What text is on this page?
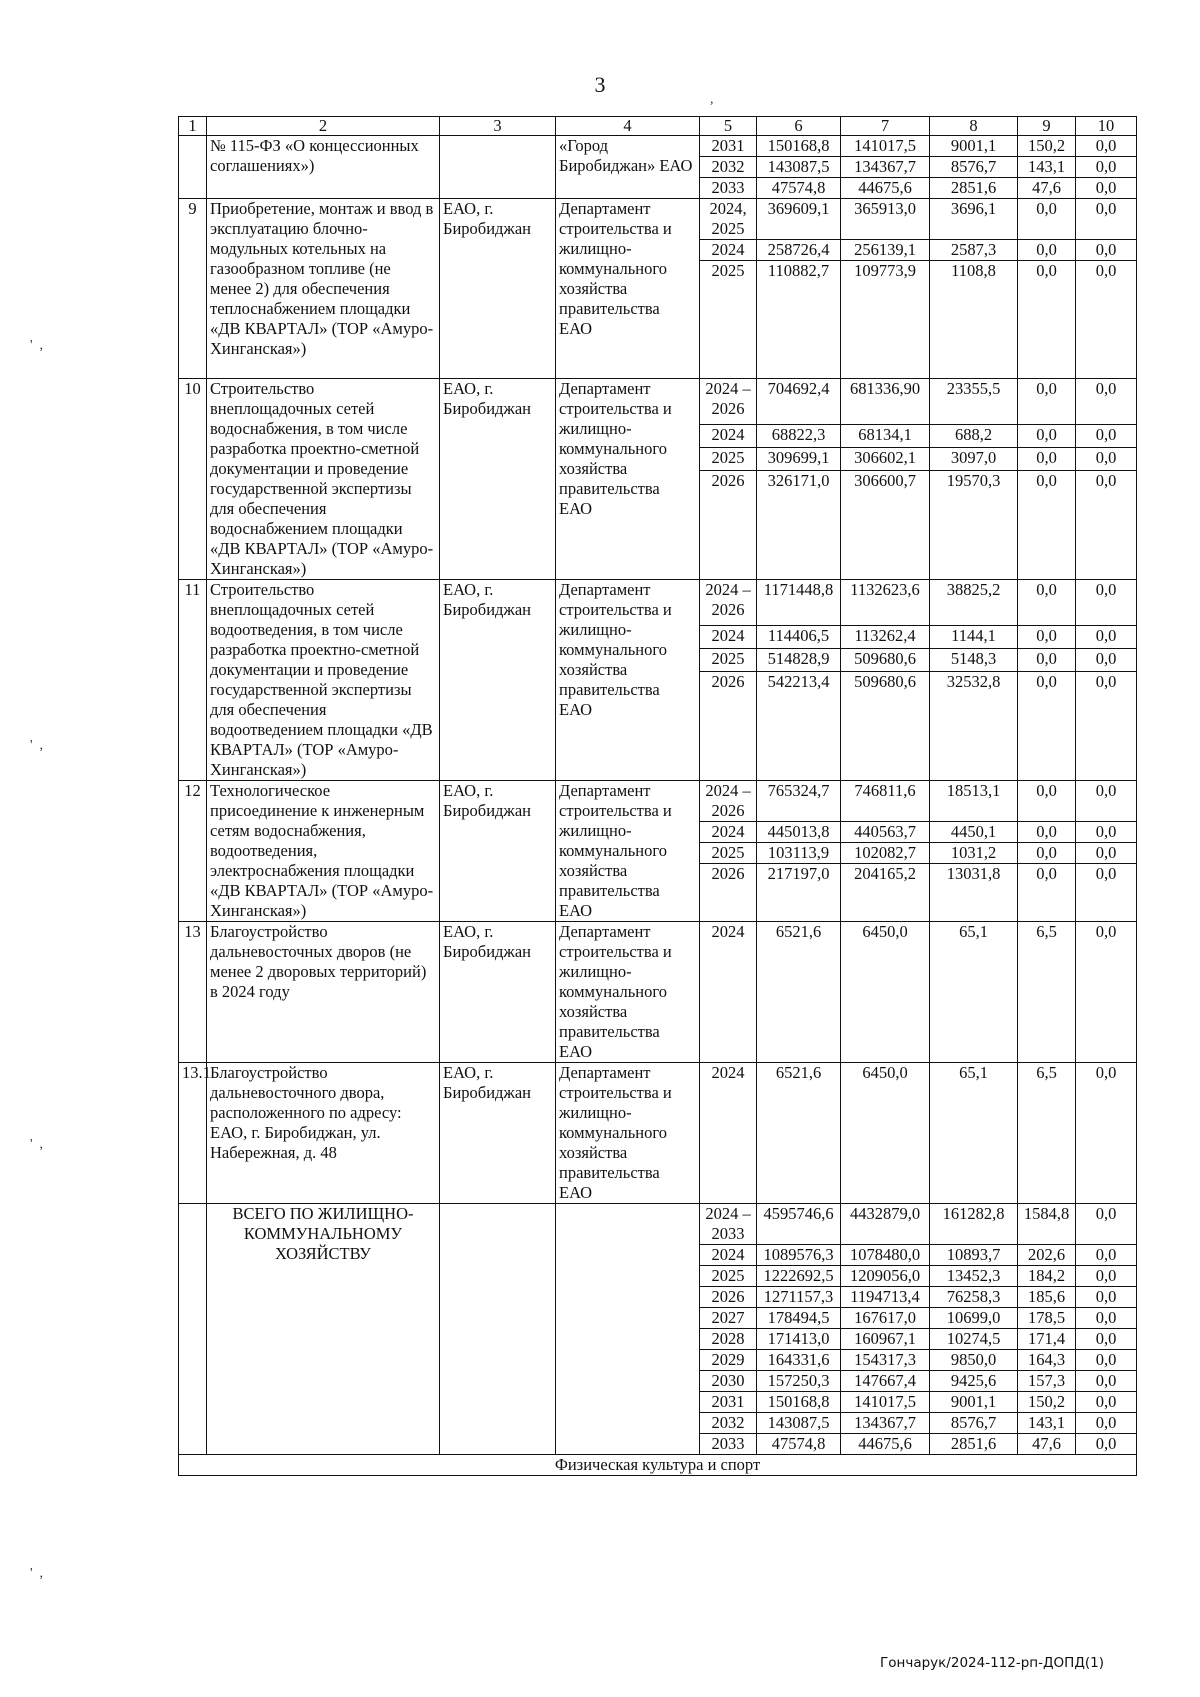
3
'  ,
'  ,
'  ,
'  ,
,
1	2	3	4	5	6	7	8	9	10
	№ 115-ФЗ «О концессионных соглашениях»)		«Город Биробиджан» ЕАО	2031	150168,8	141017,5	9001,1	150,2	0,0
				2032	143087,5	134367,7	8576,7	143,1	0,0
				2033	47574,8	44675,6	2851,6	47,6	0,0
9	Приобретение, монтаж и ввод в эксплуатацию блочно-модульных котельных на газообразном топливе (не менее 2) для обеспечения теплоснабжением площадки «ДВ КВАРТАЛ» (ТОР «Амуро-Хинганская»)	ЕАО, г. Биробиджан	Департамент строительства и жилищно-коммунального хозяйства правительства ЕАО	2024, 2025	369609,1	365913,0	3696,1	0,0	0,0
				2024	258726,4	256139,1	2587,3	0,0	0,0
				2025	110882,7	109773,9	1108,8	0,0	0,0
10	Строительство внеплощадочных сетей водоснабжения, в том числе разработка проектно-сметной документации и проведение государственной экспертизы для обеспечения водоснабжением площадки «ДВ КВАРТАЛ» (ТОР «Амуро-Хинганская»)	ЕАО, г. Биробиджан	Департамент строительства и жилищно-коммунального хозяйства правительства ЕАО	2024 – 2026	704692,4	681336,90	23355,5	0,0	0,0
				2024	68822,3	68134,1	688,2	0,0	0,0
				2025	309699,1	306602,1	3097,0	0,0	0,0
				2026	326171,0	306600,7	19570,3	0,0	0,0
11	Строительство внеплощадочных сетей водоотведения, в том числе разработка проектно-сметной документации и проведение государственной экспертизы для обеспечения водоотведением площадки «ДВ КВАРТАЛ» (ТОР «Амуро-Хинганская»)	ЕАО, г. Биробиджан	Департамент строительства и жилищно-коммунального хозяйства правительства ЕАО	2024 – 2026	1171448,8	1132623,6	38825,2	0,0	0,0
				2024	114406,5	113262,4	1144,1	0,0	0,0
				2025	514828,9	509680,6	5148,3	0,0	0,0
				2026	542213,4	509680,6	32532,8	0,0	0,0
12	Технологическое присоединение к инженерным сетям водоснабжения, водоотведения, электроснабжения площадки «ДВ КВАРТАЛ» (ТОР «Амуро-Хинганская»)	ЕАО, г. Биробиджан	Департамент строительства и жилищно-коммунального хозяйства правительства ЕАО	2024 – 2026	765324,7	746811,6	18513,1	0,0	0,0
				2024	445013,8	440563,7	4450,1	0,0	0,0
				2025	103113,9	102082,7	1031,2	0,0	0,0
				2026	217197,0	204165,2	13031,8	0,0	0,0
13	Благоустройство дальневосточных дворов (не менее 2 дворовых территорий) в 2024 году	ЕАО, г. Биробиджан	Департамент строительства и жилищно-коммунального хозяйства правительства ЕАО	2024	6521,6	6450,0	65,1	6,5	0,0
13.1	Благоустройство дальневосточного двора, расположенного по адресу: ЕАО, г. Биробиджан, ул. Набережная, д. 48	ЕАО, г. Биробиджан	Департамент строительства и жилищно-коммунального хозяйства правительства ЕАО	2024	6521,6	6450,0	65,1	6,5	0,0
	ВСЕГО ПО ЖИЛИЩНО-КОММУНАЛЬНОМУ ХОЗЯЙСТВУ			2024 – 2033	4595746,6	4432879,0	161282,8	1584,8	0,0
				2024	1089576,3	1078480,0	10893,7	202,6	0,0
				2025	1222692,5	1209056,0	13452,3	184,2	0,0
				2026	1271157,3	1194713,4	76258,3	185,6	0,0
				2027	178494,5	167617,0	10699,0	178,5	0,0
				2028	171413,0	160967,1	10274,5	171,4	0,0
				2029	164331,6	154317,3	9850,0	164,3	0,0
				2030	157250,3	147667,4	9425,6	157,3	0,0
				2031	150168,8	141017,5	9001,1	150,2	0,0
				2032	143087,5	134367,7	8576,7	143,1	0,0
				2033	47574,8	44675,6	2851,6	47,6	0,0
Физическая культура и спорт									
Гончарук/2024-112-рп-ДОПД(1)
